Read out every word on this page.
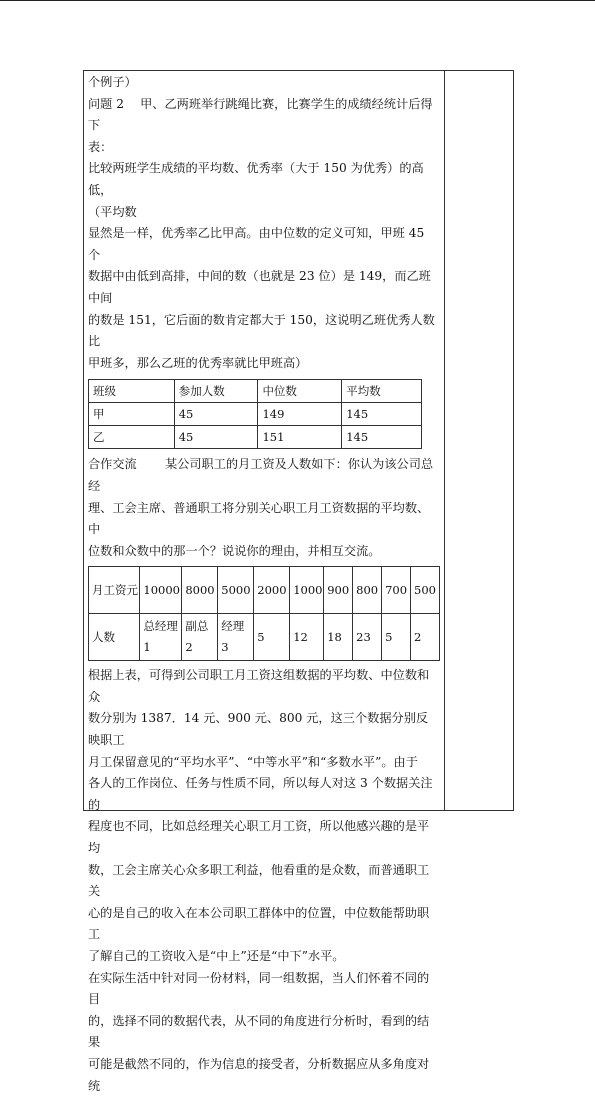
个例子）

问题 2　 甲、乙两班举行跳绳比赛，比赛学生的成绩经统计后得下

表：

比较两班学生成绩的平均数、优秀率（大于 150 为优秀）的高低，

（平均数

显然是一样，优秀率乙比甲高。由中位数的定义可知，甲班 45 个

数据中由低到高排，中间的数（也就是 23 位）是 149，而乙班中间

的数是 151，它后面的数肯定都大于 150，这说明乙班优秀人数比

甲班多，那么乙班的优秀率就比甲班高）

班级	参加人数	中位数	平均数
甲	45	149	145
乙	45	151	145

合作交流　　 某公司职工的月工资及人数如下：你认为该公司总经

理、工会主席、普通职工将分别关心职工月工资数据的平均数、中

位数和众数中的那一个？说说你的理由，并相互交流。

月工资元	10000	8000	5000	2000	1000	900	800	700	500
人数	总经理 1	副总 2	经理 3	5	12	18	23	5	2

根据上表，可得到公司职工月工资这组数据的平均数、中位数和众

数分别为 1387．14 元、900 元、800 元，这三个数据分别反映职工

月工保留意见的“平均水平”、“中等水平”和“多数水平”。由于

各人的工作岗位、任务与性质不同，所以每人对这 3 个数据关注的

程度也不同，比如总经理关心职工月工资，所以他感兴趣的是平均

数，工会主席关心众多职工利益，他看重的是众数，而普通职工关

心的是自己的收入在本公司职工群体中的位置，中位数能帮助职工

了解自己的工资收入是“中上”还是“中下”水平。

在实际生活中针对同一份材料，同一组数据，当人们怀着不同的目

的，选择不同的数据代表，从不同的角度进行分析时，看到的结果

可能是截然不同的，作为信息的接受者，分析数据应从多角度对统
